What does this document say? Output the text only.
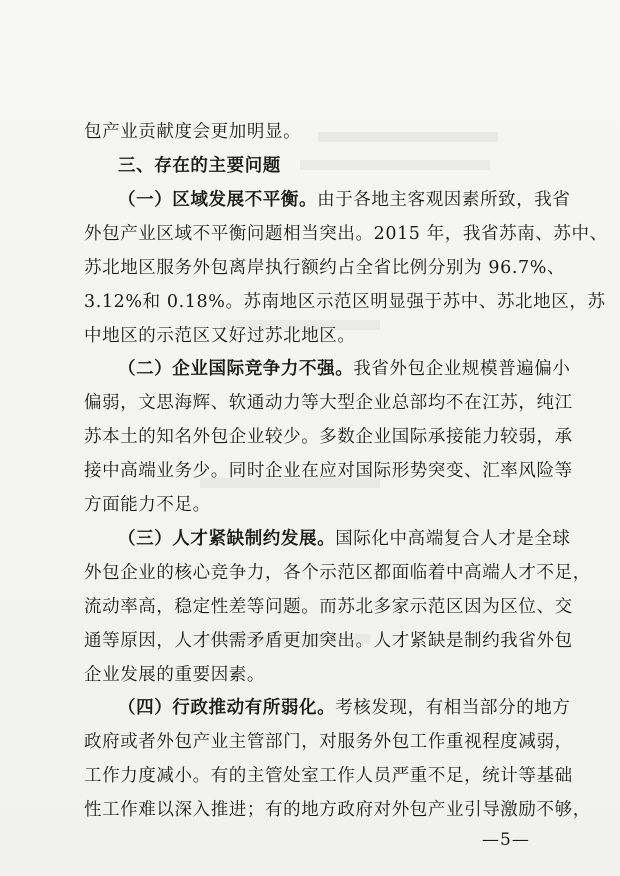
包产业贡献度会更加明显。
三、存在的主要问题
（一）区域发展不平衡。由于各地主客观因素所致，我省
外包产业区域不平衡问题相当突出。2015 年，我省苏南、苏中、
苏北地区服务外包离岸执行额约占全省比例分别为 96.7%、
3.12%和 0.18%。苏南地区示范区明显强于苏中、苏北地区，苏
中地区的示范区又好过苏北地区。
（二）企业国际竞争力不强。我省外包企业规模普遍偏小
偏弱，文思海辉、软通动力等大型企业总部均不在江苏，纯江
苏本土的知名外包企业较少。多数企业国际承接能力较弱，承
接中高端业务少。同时企业在应对国际形势突变、汇率风险等
方面能力不足。
（三）人才紧缺制约发展。国际化中高端复合人才是全球
外包企业的核心竞争力，各个示范区都面临着中高端人才不足，
流动率高，稳定性差等问题。而苏北多家示范区因为区位、交
通等原因，人才供需矛盾更加突出。人才紧缺是制约我省外包
企业发展的重要因素。
（四）行政推动有所弱化。考核发现，有相当部分的地方
政府或者外包产业主管部门，对服务外包工作重视程度减弱，
工作力度减小。有的主管处室工作人员严重不足，统计等基础
性工作难以深入推进；有的地方政府对外包产业引导激励不够，
—5—
